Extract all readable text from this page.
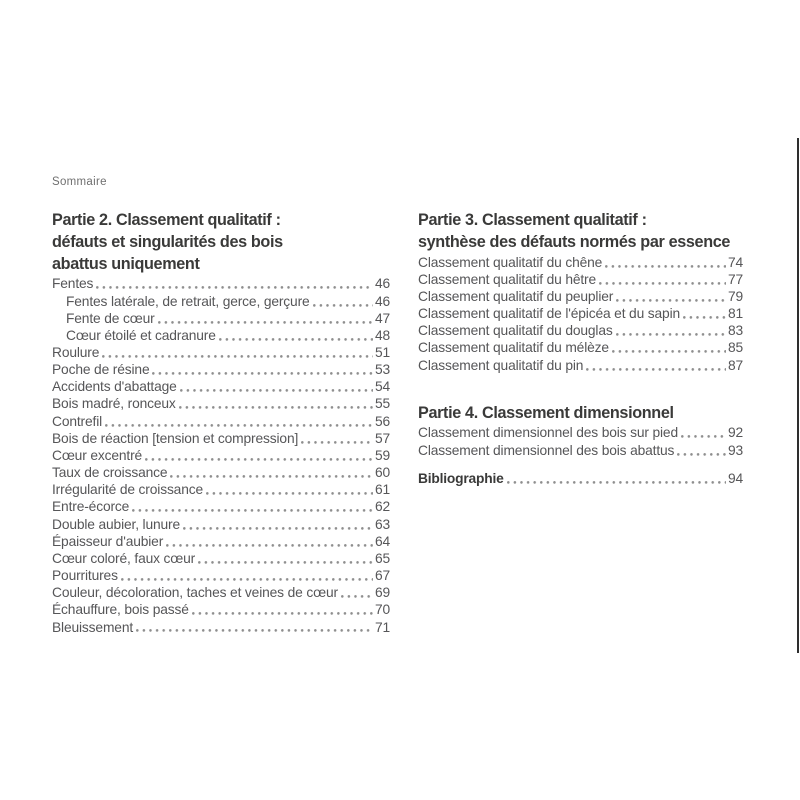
Sommaire
Partie 2. Classement qualitatif :
défauts et singularités des bois
abattus uniquement
Fentes	46
Fentes latérale, de retrait, gerce, gerçure	46
Fente de cœur	47
Cœur étoilé et cadranure	48
Roulure	51
Poche de résine	53
Accidents d'abattage	54
Bois madré, ronceux	55
Contrefil	56
Bois de réaction [tension et compression]	57
Cœur excentré	59
Taux de croissance	60
Irrégularité de croissance	61
Entre-écorce	62
Double aubier, lunure	63
Épaisseur d'aubier	64
Cœur coloré, faux cœur	65
Pourritures	67
Couleur, décoloration, taches et veines de cœur	69
Échauffure, bois passé	70
Bleuissement	71
Partie 3. Classement qualitatif :
synthèse des défauts normés par essence
Classement qualitatif du chêne	74
Classement qualitatif du hêtre	77
Classement qualitatif du peuplier	79
Classement qualitatif de l'épicéa et du sapin	81
Classement qualitatif du douglas	83
Classement qualitatif du mélèze	85
Classement qualitatif du pin	87
Partie 4. Classement dimensionnel
Classement dimensionnel des bois sur pied	92
Classement dimensionnel des bois abattus	93
Bibliographie	94
